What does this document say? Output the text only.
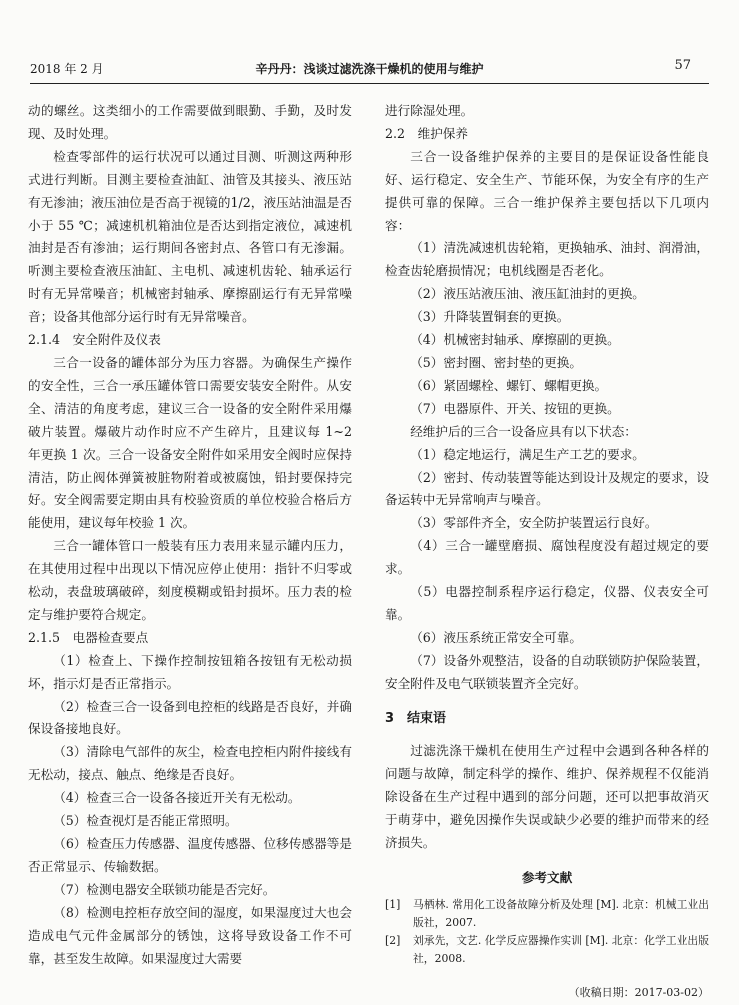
2018 年 2 月	辛丹丹：浅谈过滤洗涤干燥机的使用与维护	57

动的螺丝。这类细小的工作需要做到眼勤、手勤，及时发现、及时处理。

检查零部件的运行状况可以通过目测、听测这两种形式进行判断。目测主要检查油缸、油管及其接头、液压站有无渗油；液压油位是否高于视镜的1/2，液压站油温是否小于 55 ℃；减速机机箱油位是否达到指定液位，减速机油封是否有渗油；运行期间各密封点、各管口有无渗漏。听测主要检查液压油缸、主电机、减速机齿轮、轴承运行时有无异常噪音；机械密封轴承、摩擦副运行有无异常噪音；设备其他部分运行时有无异常噪音。

2.1.4　安全附件及仪表

三合一设备的罐体部分为压力容器。为确保生产操作的安全性，三合一承压罐体管口需要安装安全附件。从安全、清洁的角度考虑，建议三合一设备的安全附件采用爆破片装置。爆破片动作时应不产生碎片，且建议每 1~2 年更换 1 次。三合一设备安全附件如采用安全阀时应保持清洁，防止阀体弹簧被脏物附着或被腐蚀，铅封要保持完好。安全阀需要定期由具有校验资质的单位校验合格后方能使用，建议每年校验 1 次。

三合一罐体管口一般装有压力表用来显示罐内压力，在其使用过程中出现以下情况应停止使用：指针不归零或松动，表盘玻璃破碎，刻度模糊或铅封损坏。压力表的检定与维护要符合规定。

2.1.5　电器检查要点

（1）检查上、下操作控制按钮箱各按钮有无松动损坏，指示灯是否正常指示。

（2）检查三合一设备到电控柜的线路是否良好，并确保设备接地良好。

（3）清除电气部件的灰尘，检查电控柜内附件接线有无松动，接点、触点、绝缘是否良好。

（4）检查三合一设备各接近开关有无松动。

（5）检查视灯是否能正常照明。

（6）检查压力传感器、温度传感器、位移传感器等是否正常显示、传输数据。

（7）检测电器安全联锁功能是否完好。

（8）检测电控柜存放空间的湿度，如果湿度过大也会造成电气元件金属部分的锈蚀，这将导致设备工作不可靠，甚至发生故障。如果湿度过大需要

进行除湿处理。

2.2　维护保养

三合一设备维护保养的主要目的是保证设备性能良好、运行稳定、安全生产、节能环保，为安全有序的生产提供可靠的保障。三合一维护保养主要包括以下几项内容：

（1）清洗减速机齿轮箱，更换轴承、油封、润滑油，检查齿轮磨损情况；电机线圈是否老化。

（2）液压站液压油、液压缸油封的更换。

（3）升降装置铜套的更换。

（4）机械密封轴承、摩擦副的更换。

（5）密封圈、密封垫的更换。

（6）紧固螺栓、螺钉、螺帽更换。

（7）电器原件、开关、按钮的更换。

经维护后的三合一设备应具有以下状态：

（1）稳定地运行，满足生产工艺的要求。

（2）密封、传动装置等能达到设计及规定的要求，设备运转中无异常响声与噪音。

（3）零部件齐全，安全防护装置运行良好。

（4）三合一罐壁磨损、腐蚀程度没有超过规定的要求。

（5）电器控制系程序运行稳定，仪器、仪表安全可靠。

（6）液压系统正常安全可靠。

（7）设备外观整洁，设备的自动联锁防护保险装置，安全附件及电气联锁装置齐全完好。

3　结束语

过滤洗涤干燥机在使用生产过程中会遇到各种各样的问题与故障，制定科学的操作、维护、保养规程不仅能消除设备在生产过程中遇到的部分问题，还可以把事故消灭于萌芽中，避免因操作失误或缺少必要的维护而带来的经济损失。

参考文献

[1]	马栖林. 常用化工设备故障分析及处理 [M]. 北京：机械工业出版社，2007.

[2]	刘承先，文艺. 化学反应器操作实训 [M]. 北京：化学工业出版社，2008.

（收稿日期：2017-03-02）
